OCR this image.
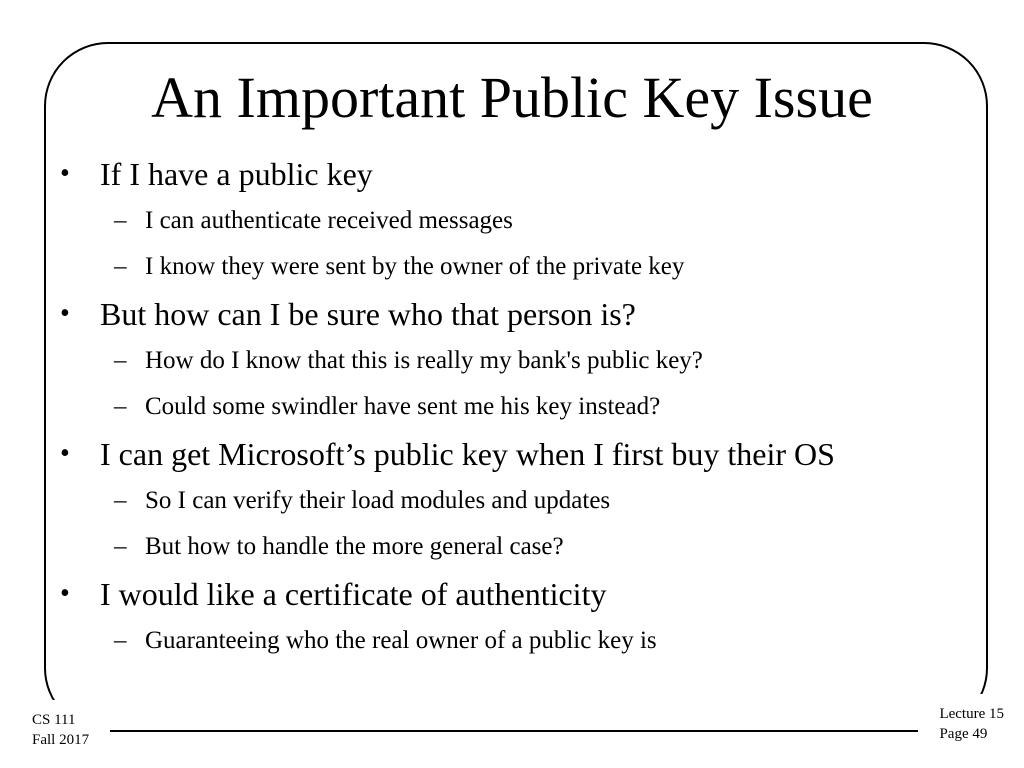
An Important Public Key Issue
• If I have a public key
– I can authenticate received messages
– I know they were sent by the owner of the private key
• But how can I be sure who that person is?
– How do I know that this is really my bank's public key?
– Could some swindler have sent me his key instead?
• I can get Microsoft’s public key when I first buy their OS
– So I can verify their load modules and updates
– But how to handle the more general case?
• I would like a certificate of authenticity
– Guaranteeing who the real owner of a public key is
CS 111
Fall 2017
Lecture 15
Page 49
